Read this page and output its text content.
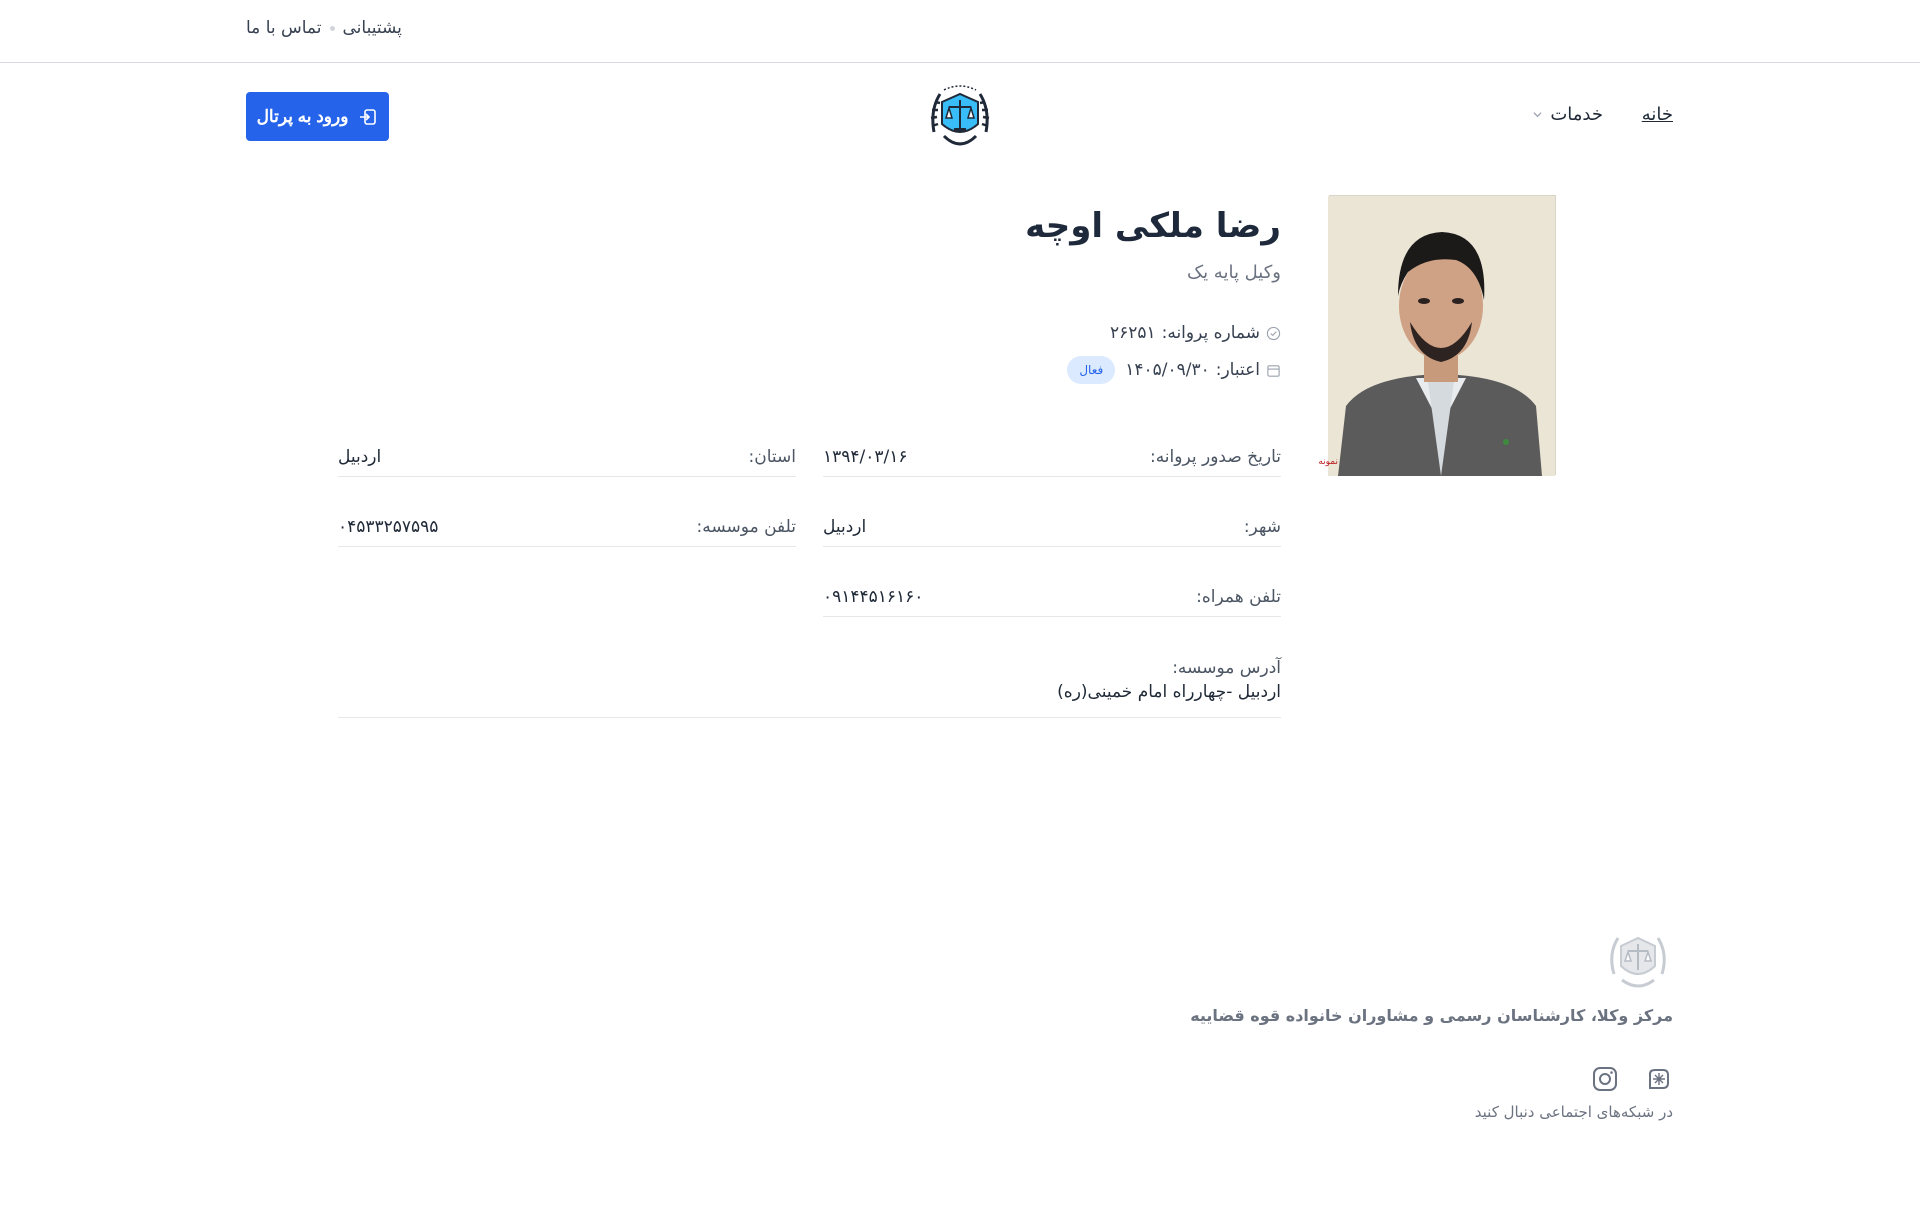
پشتیبانی
تماس با ما
خانه
خدمات
ورود به پرتال
نمونه
رضا ملکی اوچه
وکیل پایه یک
شماره پروانه:
۲۶۲۵۱
اعتبار:
۱۴۰۵/۰۹/۳۰
فعال
تاریخ صدور پروانه:
۱۳۹۴/۰۳/۱۶
استان:
اردبیل
شهر:
اردبیل
تلفن موسسه:
۰۴۵۳۳۲۵۷۵۹۵
تلفن همراه:
۰۹۱۴۴۵۱۶۱۶۰
آدرس موسسه:
اردبیل -چهارراه امام خمینی(ره)
مرکز وکلا، کارشناسان رسمی و مشاوران خانواده قوه قضاییه
در شبکه‌های اجتماعی دنبال کنید
